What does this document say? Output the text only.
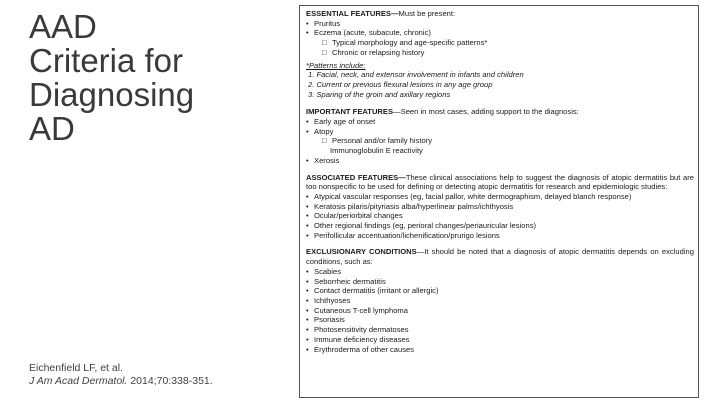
AAD
Criteria for
Diagnosing
AD
Eichenfield LF, et al.
J Am Acad Dermatol. 2014;70:338-351.
ESSENTIAL FEATURES—Must be present:
• Pruritus
• Eczema (acute, subacute, chronic)
□ Typical morphology and age-specific patterns*
□ Chronic or relapsing history
*Patterns include:
1. Facial, neck, and extensor involvement in infants and children
2. Current or previous flexural lesions in any age group
3. Sparing of the groin and axillary regions
IMPORTANT FEATURES—Seen in most cases, adding support to the diagnosis:
• Early age of onset
• Atopy
□ Personal and/or family history
Immunoglobulin E reactivity
• Xerosis
ASSOCIATED FEATURES—These clinical associations help to suggest the diagnosis of atopic dermatitis but are too nonspecific to be used for defining or detecting atopic dermatitis for research and epidemiologic studies:
• Atypical vascular responses (eg, facial pallor, white dermographism, delayed blanch response)
• Keratosis pilaris/pityriasis alba/hyperlinear palms/ichthyosis
• Ocular/periorbital changes
• Other regional findings (eg, perioral changes/periauricular lesions)
• Perifollicular accentuation/lichenification/prurigo lesions
EXCLUSIONARY CONDITIONS—It should be noted that a diagnosis of atopic dermatitis depends on excluding conditions, such as:
• Scabies
• Seborrheic dermatitis
• Contact dermatitis (irritant or allergic)
• Ichthyoses
• Cutaneous T-cell lymphoma
• Psoriasis
• Photosensitivity dermatoses
• Immune deficiency diseases
• Erythroderma of other causes
